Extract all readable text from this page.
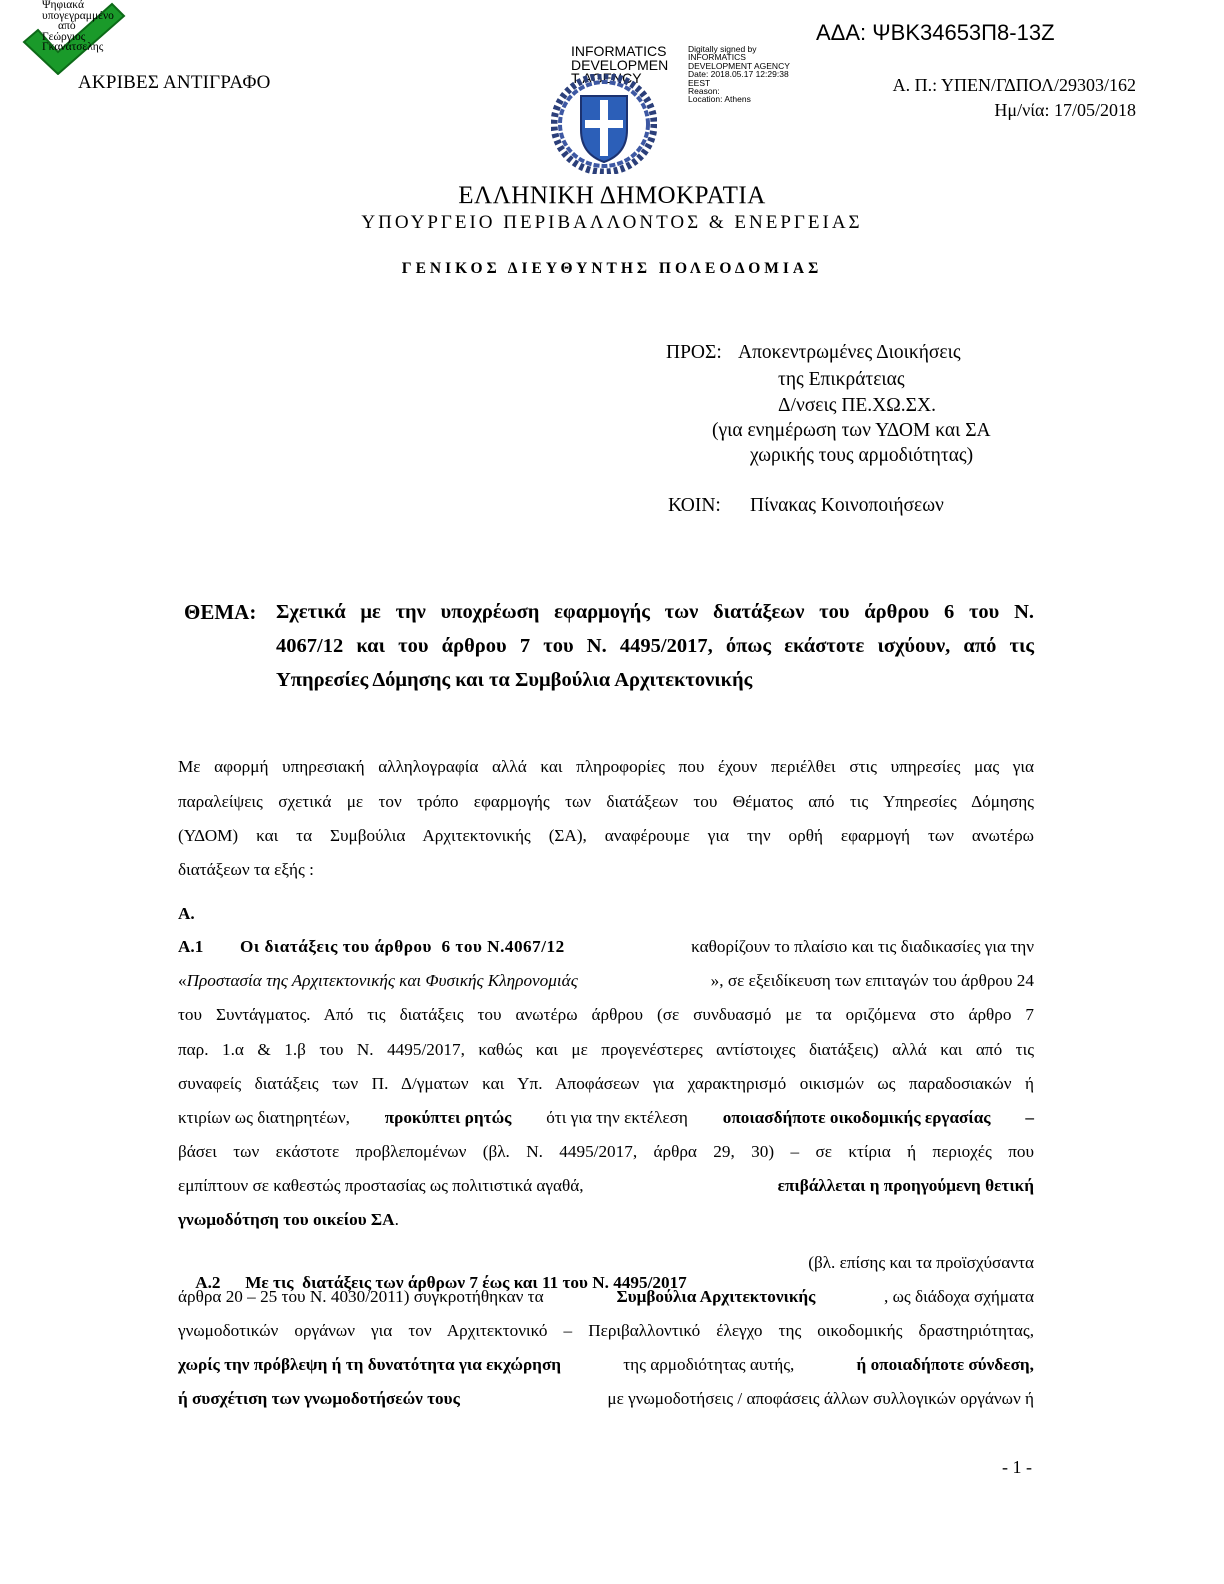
Ψηφιακά
υπογεγραμμένο
από
Γεώργιος
Γκανάτσελης
ΑΚΡΙΒΕΣ ΑΝΤΙΓΡΑΦΟ
INFORMATICS
DEVELOPMEN
T AGENCY
Digitally signed by
INFORMATICS
DEVELOPMENT AGENCY
Date: 2018.05.17 12:29:38
EEST
Reason:
Location: Athens
ΑΔΑ: ΨΒΚ34653Π8-13Ζ
Α. Π.: ΥΠΕΝ/ΓΔΠΟΛ/29303/162
Ημ/νία: 17/05/2018
ΕΛΛΗΝΙΚΗ ΔΗΜΟΚΡΑΤΙΑ
ΥΠΟΥΡΓΕΙΟ ΠΕΡΙΒΑΛΛΟΝΤΟΣ & ΕΝΕΡΓΕΙΑΣ
ΓΕΝΙΚΟΣ ΔΙΕΥΘΥΝΤΗΣ ΠΟΛΕΟΔΟΜΙΑΣ
ΠΡΟΣ: Αποκεντρωμένες Διοικήσεις
της Επικράτειας
Δ/νσεις ΠΕ.ΧΩ.ΣΧ.
(για ενημέρωση των ΥΔΟΜ και ΣΑ
χωρικής τους αρμοδιότητας)
ΚΟΙΝ: Πίνακας Κοινοποιήσεων
ΘΕΜΑ: Σχετικά με την υποχρέωση εφαρμογής των διατάξεων του άρθρου 6 του Ν.
4067/12 και του άρθρου 7 του Ν. 4495/2017, όπως εκάστοτε ισχύουν, από τις
Υπηρεσίες Δόμησης και τα Συμβούλια Αρχιτεκτονικής
Με αφορμή υπηρεσιακή αλληλογραφία αλλά και πληροφορίες που έχουν περιέλθει στις υπηρεσίες μας για
παραλείψεις σχετικά με τον τρόπο εφαρμογής των διατάξεων του Θέματος από τις Υπηρεσίες Δόμησης
(ΥΔΟΜ) και τα Συμβούλια Αρχιτεκτονικής (ΣΑ), αναφέρουμε για την ορθή εφαρμογή των ανωτέρω
διατάξεων τα εξής :
Α.
Α.1	Οι διατάξεις του άρθρου  6 του Ν.4067/12	καθορίζουν το πλαίσιο και τις διαδικασίες για την
«Προστασία της Αρχιτεκτονικής και Φυσικής Κληρονομιάς	», σε εξειδίκευση των επιταγών του άρθρου 24
του Συντάγματος. Από τις διατάξεις του ανωτέρω άρθρου (σε συνδυασμό με τα οριζόμενα στο άρθρο 7
παρ. 1.α & 1.β του Ν. 4495/2017, καθώς και με προγενέστερες αντίστοιχες διατάξεις) αλλά και από τις
συναφείς διατάξεις των Π. Δ/γματων και Υπ. Αποφάσεων για χαρακτηρισμό οικισμών ως παραδοσιακών ή
κτιρίων ως διατηρητέων, προκύπτει ρητώς ότι για την εκτέλεση οποιασδήποτε οικοδομικής εργασίας –
βάσει των εκάστοτε προβλεπομένων (βλ. Ν. 4495/2017, άρθρα 29, 30) – σε κτίρια ή περιοχές που
εμπίπτουν σε καθεστώς προστασίας ως πολιτιστικά αγαθά,	επιβάλλεται η προηγούμενη θετική
γνωμοδότηση του οικείου ΣΑ.

Α.2 Με τις  διατάξεις των άρθρων 7 έως και 11 του Ν. 4495/2017

(βλ. επίσης και τα προϊσχύσαντα
άρθρα 20 – 25 του Ν. 4030/2011) συγκροτήθηκαν τα	Συμβούλια Αρχιτεκτονικής	, ως διάδοχα σχήματα
γνωμοδοτικών οργάνων για τον Αρχιτεκτονικό – Περιβαλλοντικό έλεγχο της οικοδομικής δραστηριότητας,
χωρίς την πρόβλεψη ή τη δυνατότητα για εκχώρηση	της αρμοδιότητας αυτής,	ή οποιαδήποτε σύνδεση,
ή συσχέτιση των γνωμοδοτήσεών τους	με γνωμοδοτήσεις / αποφάσεις άλλων συλλογικών οργάνων ή
- 1 -
